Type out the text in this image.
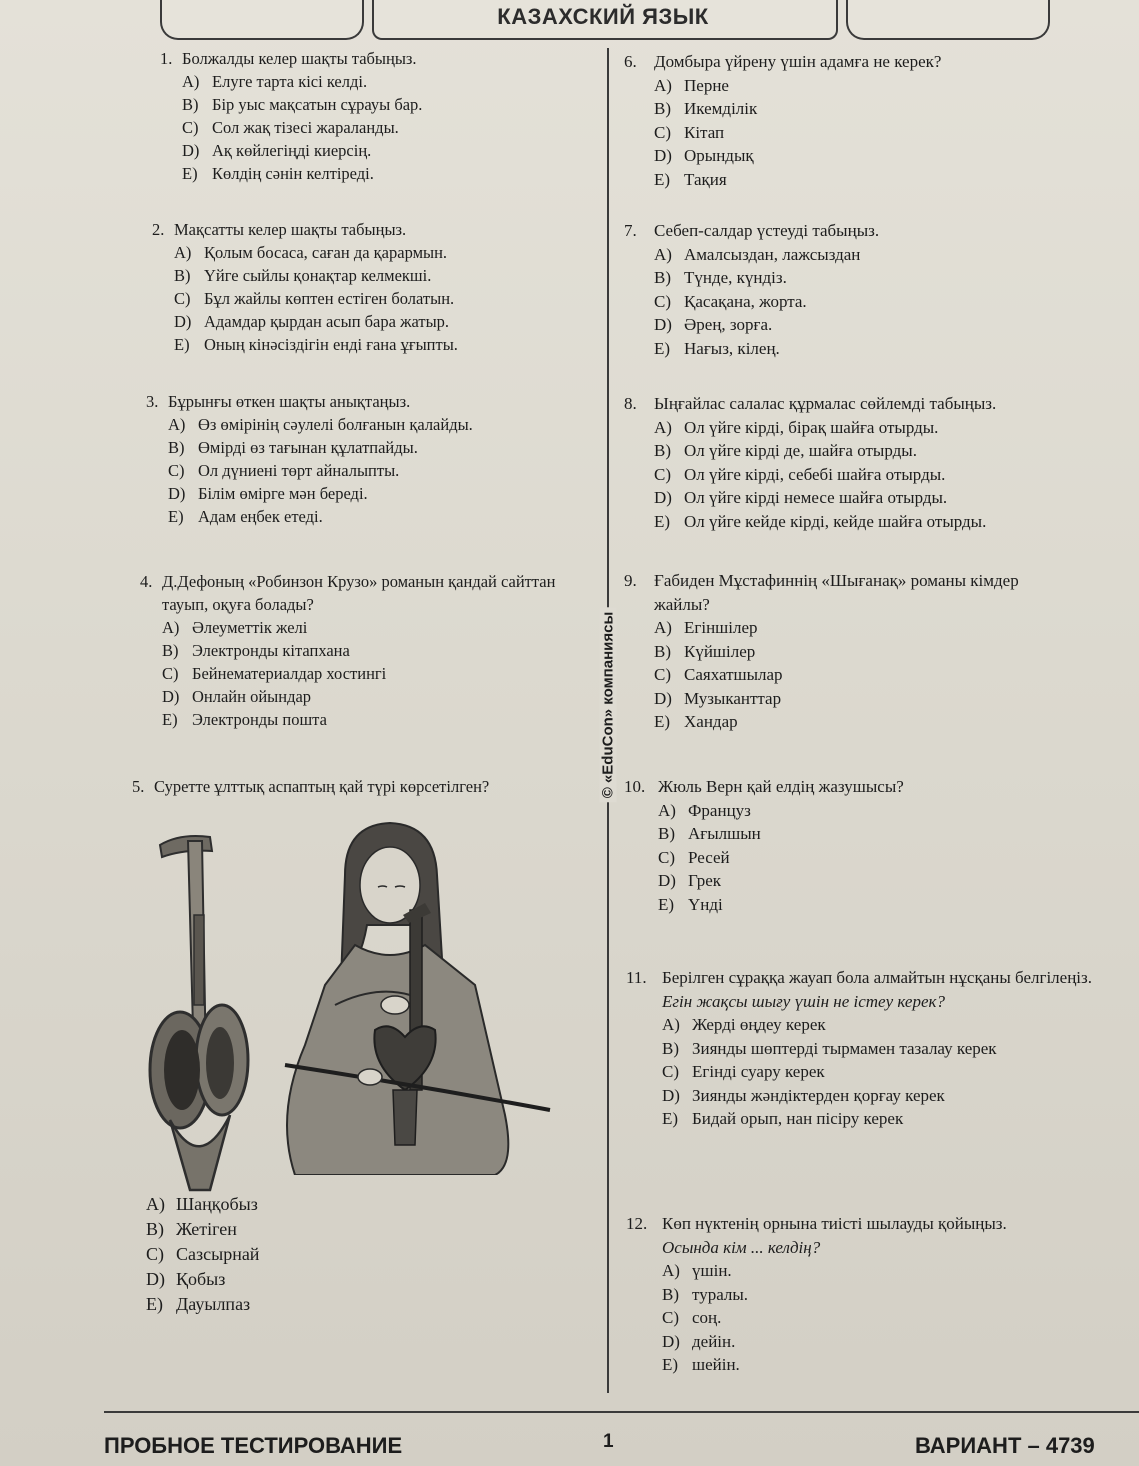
КАЗАХСКИЙ ЯЗЫК
© «EduCon» компаниясы
1. Болжалды келер шақты табыңыз.
A) Елуге тарта кісі келді.
B) Бір уыс мақсатын сұрауы бар.
C) Сол жақ тізесі жараланды.
D) Ақ көйлегіңді киерсің.
E) Көлдің сәнін келтіреді.
2. Мақсатты келер шақты табыңыз.
A) Қолым босаса, саған да қарармын.
B) Үйге сыйлы қонақтар келмекші.
C) Бұл жайлы көптен естіген болатын.
D) Адамдар қырдан асып бара жатыр.
E) Оның кінәсіздігін енді ғана ұғыпты.
3. Бұрынғы өткен шақты анықтаңыз.
A) Өз өмірінің сәулелі болғанын қалайды.
B) Өмірді өз тағынан құлатпайды.
C) Ол дүниені төрт айналыпты.
D) Білім өмірге мән береді.
E) Адам еңбек етеді.
4. Д.Дефоның «Робинзон Крузо» романын қандай сайттан тауып, оқуға болады?
A) Әлеуметтік желі
B) Электронды кітапхана
C) Бейнематериалдар хостингі
D) Онлайн ойындар
E) Электронды пошта
5. Суретте ұлттық аспаптың қай түрі көрсетілген?
A) Шаңқобыз
B) Жетіген
C) Сазсырнай
D) Қобыз
E) Дауылпаз
6.	Домбыра үйрену үшін адамға не керек?
A) Перне
B) Икемділік
C) Кітап
D) Орындық
E) Тақия
7.	Себеп-салдар үстеуді табыңыз.
A) Амалсыздан, лажсыздан
B) Түнде, күндіз.
C) Қасақана, жорта.
D) Әрең, зорға.
E) Нағыз, кілең.
8.	Ыңғайлас салалас құрмалас сөйлемді табыңыз.
A) Ол үйге кірді, бірақ шайға отырды.
B) Ол үйге кірді де, шайға отырды.
C) Ол үйге кірді, себебі шайға отырды.
D) Ол үйге кірді немесе шайға отырды.
E) Ол үйге кейде кірді, кейде шайға отырды.
9.	Ғабиден Мұстафиннің «Шығанақ» романы кімдер жайлы?
A) Егіншілер
B) Күйшілер
C) Саяхатшылар
D) Музыканттар
E) Хандар
10. Жюль Верн қай елдің жазушысы?
A) Француз
B) Ағылшын
C) Ресей
D) Грек
E) Үнді
11. Берілген сұраққа жауап бола алмайтын нұсқаны белгілеңіз.
Егін жақсы шығу үшін не істеу керек?
A) Жерді өңдеу керек
B) Зиянды шөптерді тырмамен тазалау керек
C) Егінді суару керек
D) Зиянды жәндіктерден қорғау керек
E) Бидай орып, нан пісіру керек
12. Көп нүктенің орнына тиісті шылауды қойыңыз.
Осында кім ... келдің?
A) үшін.
B) туралы.
C) соң.
D) дейін.
E) шейін.
ПРОБНОЕ ТЕСТИРОВАНИЕ	1	ВАРИАНТ – 4739
